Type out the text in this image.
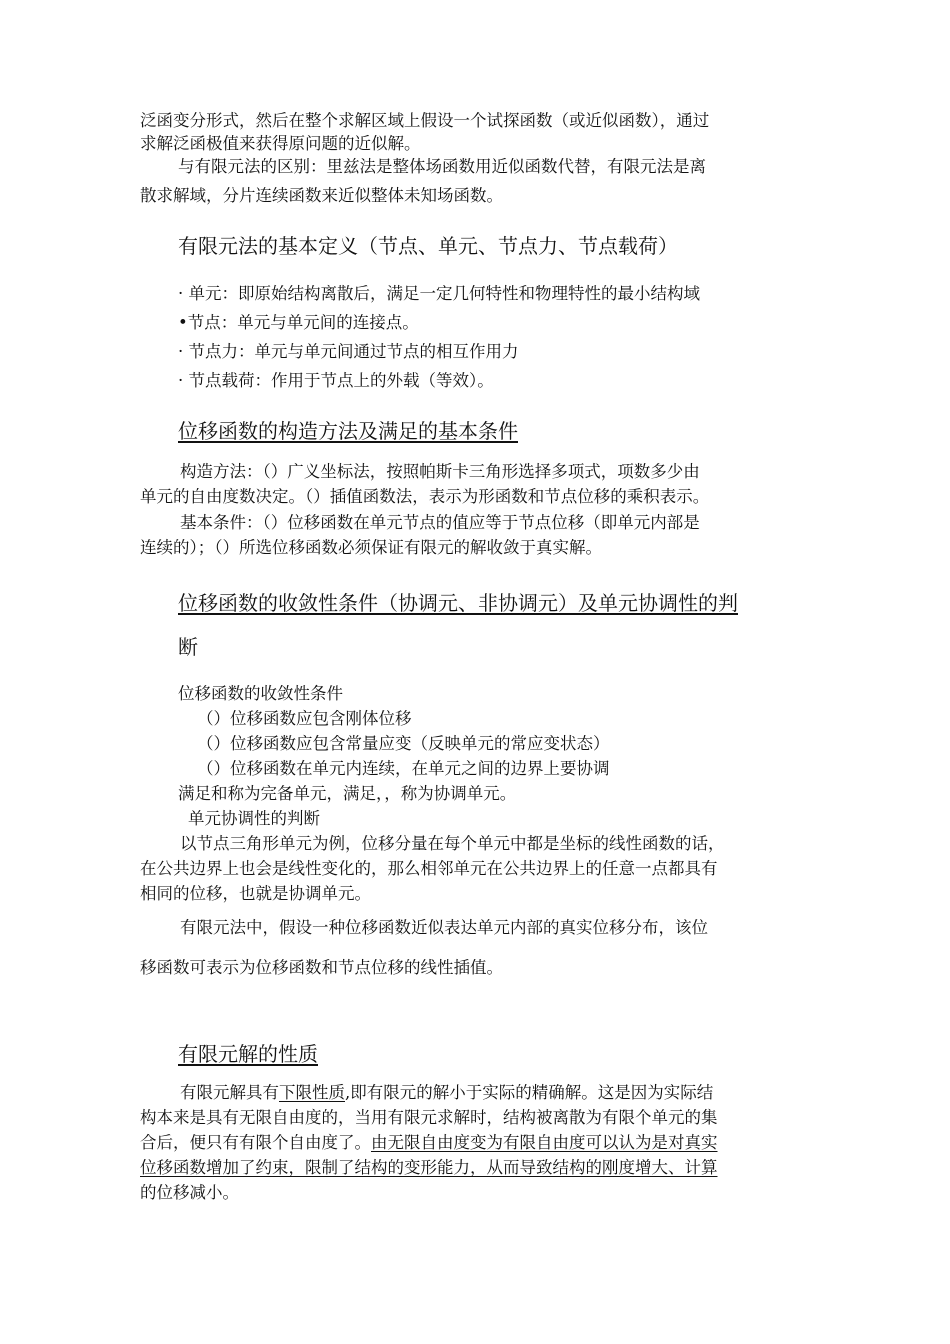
泛函变分形式，然后在整个求解区域上假设一个试探函数（或近似函数），通过
求解泛函极值来获得原问题的近似解。

与有限元法的区别：里兹法是整体场函数用近似函数代替，有限元法是离
散求解域，分片连续函数来近似整体未知场函数。

有限元法的基本定义（节点、单元、节点力、节点载荷）
· 单元：即原始结构离散后，满足一定几何特性和物理特性的最小结构域
•节点：单元与单元间的连接点。
· 节点力：单元与单元间通过节点的相互作用力
· 节点载荷：作用于节点上的外载（等效）。
位移函数的构造方法及满足的基本条件

构造方法：（）广义坐标法，按照帕斯卡三角形选择多项式，项数多少由
单元的自由度数决定。（）插值函数法，表示为形函数和节点位移的乘积表示。

基本条件：（）位移函数在单元节点的值应等于节点位移（即单元内部是
连续的）；（）所选位移函数必须保证有限元的解收敛于真实解。

位移函数的收敛性条件（协调元、非协调元）及单元协调性的判
断
位移函数的收敛性条件
（）位移函数应包含刚体位移
（）位移函数应包含常量应变（反映单元的常应变状态）
（）位移函数在单元内连续，在单元之间的边界上要协调
满足和称为完备单元，满足，，称为协调单元。
单元协调性的判断

以节点三角形单元为例，位移分量在每个单元中都是坐标的线性函数的话，
在公共边界上也会是线性变化的，那么相邻单元在公共边界上的任意一点都具有
相同的位移，也就是协调单元。

有限元法中，假设一种位移函数近似表达单元内部的真实位移分布，该位
移函数可表示为位移函数和节点位移的线性插值。

有限元解的性质

有限元解具有下限性质,即有限元的解小于实际的精确解。这是因为实际结
构本来是具有无限自由度的，当用有限元求解时，结构被离散为有限个单元的集
合后，便只有有限个自由度了。由无限自由度变为有限自由度可以认为是对真实
位移函数增加了约束，限制了结构的变形能力，从而导致结构的刚度增大、计算
的位移减小。
